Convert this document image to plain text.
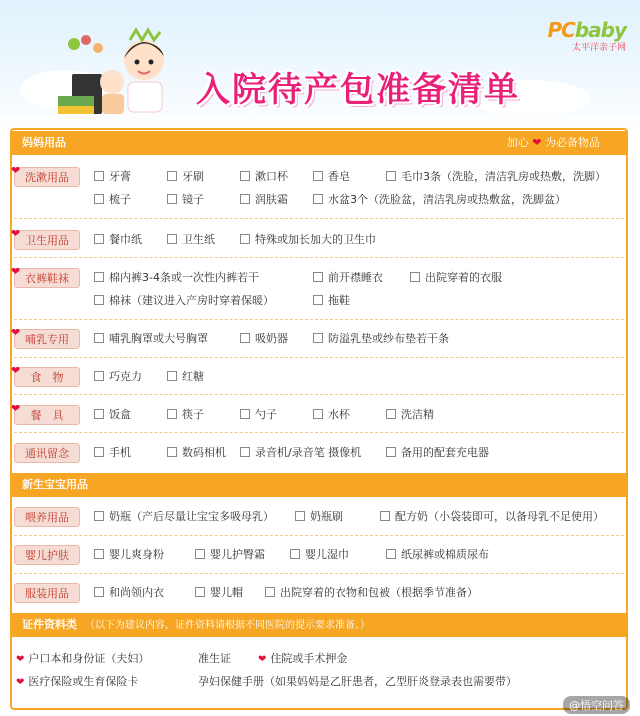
PCbaby
太平洋亲子网
入院待产包准备清单
妈妈用品	加心 ❤ 为必备物品
❤
洗漱用品	牙膏	牙刷	漱口杯	香皂	毛巾3条（洗脸，清洁乳房或热敷，洗脚）
梳子	镜子	润肤霜	水盆3个（洗脸盆，清洁乳房或热敷盆，洗脚盆）
❤
卫生用品	餐巾纸	卫生纸	特殊或加长加大的卫生巾
❤
衣裤鞋袜	棉内裤3-4条或一次性内裤若干	前开襟睡衣	出院穿着的衣服
棉袜（建议进入产房时穿着保暖）	拖鞋
❤
哺乳专用	哺乳胸罩或大号胸罩	吸奶器	防溢乳垫或纱布垫若干条
❤
食　物	巧克力	红糖
❤
餐　具	饭盒	筷子	勺子	水杯	洗洁精
通讯留念	手机	数码相机	录音机/录音笔 摄像机	备用的配套充电器
新生宝宝用品
喂养用品	奶瓶（产后尽量让宝宝多吸母乳）	奶瓶刷	配方奶（小袋装即可，以备母乳不足使用）
婴儿护肤	婴儿爽身粉	婴儿护臀霜	婴儿湿巾	纸尿裤或棉质尿布
服装用品	和尚领内衣	婴儿帽	出院穿着的衣物和包被（根据季节准备）
证件资料类 （以下为建议内容，证件资料请根据不同医院的提示要求准备。）
❤ 户口本和身份证（夫妇）	准生证	❤ 住院或手术押金
❤ 医疗保险或生育保险卡	孕妇保健手册（如果妈妈是乙肝患者，乙型肝炎登录表也需要带）
@悟空问答
